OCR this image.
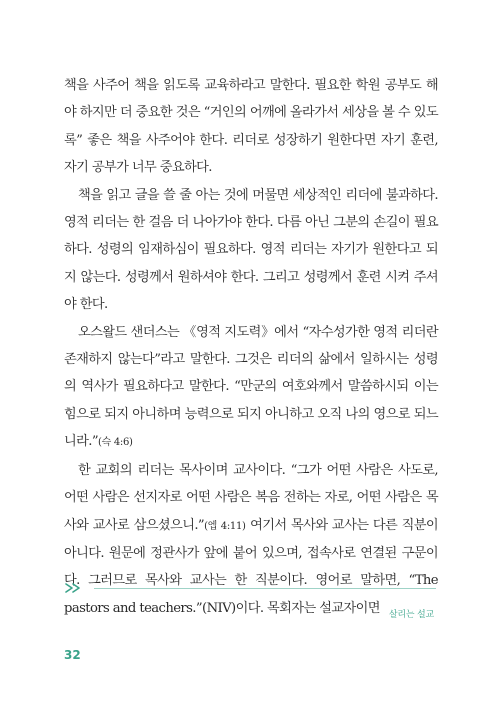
책을 사주어 책을 읽도록 교육하라고 말한다. 필요한 학원 공부도 해야 하지만 더 중요한 것은 “거인의 어깨에 올라가서 세상을 볼 수 있도록” 좋은 책을 사주어야 한다. 리더로 성장하기 원한다면 자기 훈련, 자기 공부가 너무 중요하다.

책을 읽고 글을 쓸 줄 아는 것에 머물면 세상적인 리더에 불과하다. 영적 리더는 한 걸음 더 나아가야 한다. 다름 아닌 그분의 손길이 필요하다. 성령의 임재하심이 필요하다. 영적 리더는 자기가 원한다고 되지 않는다. 성령께서 원하셔야 한다. 그리고 성령께서 훈련 시켜 주셔야 한다.

오스왈드 샌더스는 《영적 지도력》에서 “자수성가한 영적 리더란 존재하지 않는다”라고 말한다. 그것은 리더의 삶에서 일하시는 성령의 역사가 필요하다고 말한다. “만군의 여호와께서 말씀하시되 이는 힘으로 되지 아니하며 능력으로 되지 아니하고 오직 나의 영으로 되느니라.”(슥 4:6)

한 교회의 리더는 목사이며 교사이다. “그가 어떤 사람은 사도로, 어떤 사람은 선지자로 어떤 사람은 복음 전하는 자로, 어떤 사람은 목사와 교사로 삼으셨으니.”(엡 4:11) 여기서 목사와 교사는 다른 직분이 아니다. 원문에 정관사가 앞에 붙어 있으며, 접속사로 연결된 구문이다. 그러므로 목사와 교사는 한 직분이다. 영어로 말하면, “The pastors and teachers.”(NIV)이다. 목회자는 설교자이면 살리는 설교
32
